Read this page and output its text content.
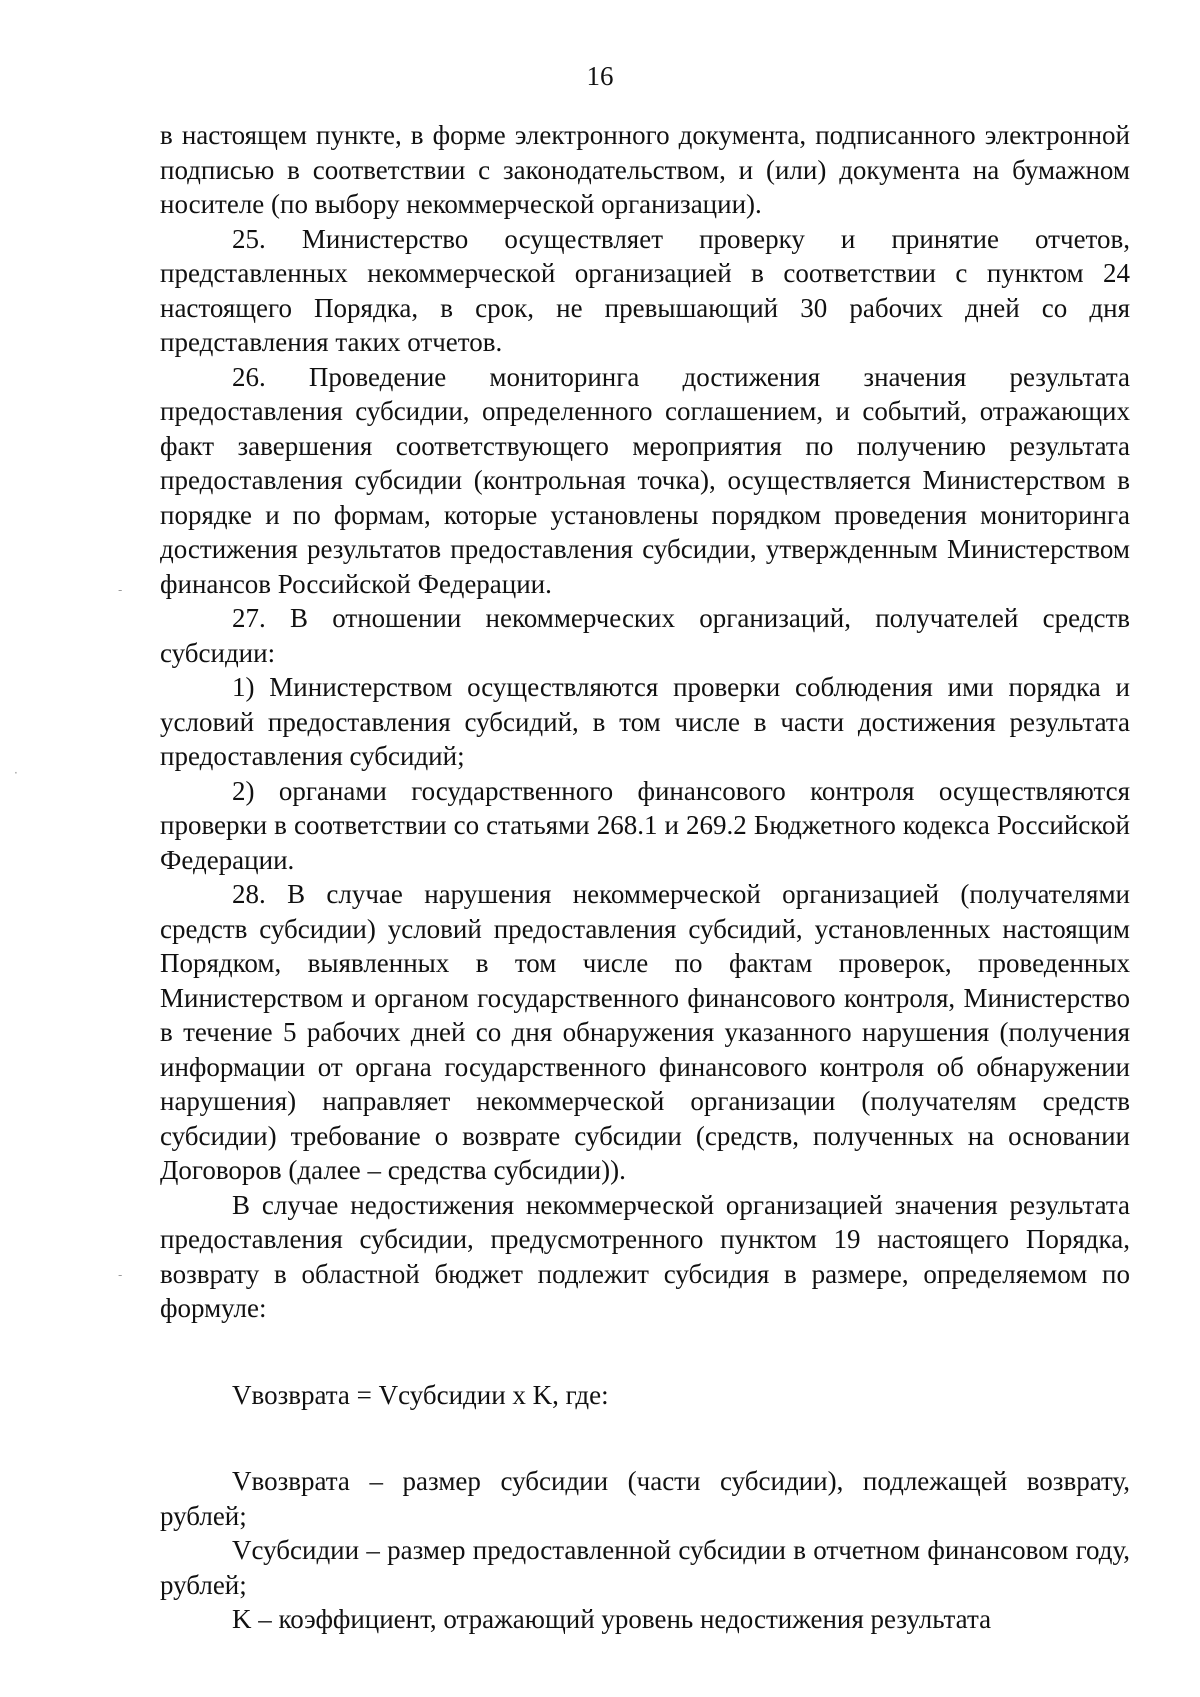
16

в настоящем пункте, в форме электронного документа, подписанного электронной подписью в соответствии с законодательством, и (или) документа на бумажном носителе (по выбору некоммерческой организации).

25. Министерство осуществляет проверку и принятие отчетов, представленных некоммерческой организацией в соответствии с пунктом 24 настоящего Порядка, в срок, не превышающий 30 рабочих дней со дня представления таких отчетов.

26. Проведение мониторинга достижения значения результата предоставления субсидии, определенного соглашением, и событий, отражающих факт завершения соответствующего мероприятия по получению результата предоставления субсидии (контрольная точка), осуществляется Министерством в порядке и по формам, которые установлены порядком проведения мониторинга достижения результатов предоставления субсидии, утвержденным Министерством финансов Российской Федерации.

27. В отношении некоммерческих организаций, получателей средств субсидии:

1) Министерством осуществляются проверки соблюдения ими порядка и условий предоставления субсидий, в том числе в части достижения результата предоставления субсидий;

2) органами государственного финансового контроля осуществляются проверки в соответствии со статьями 268.1 и 269.2 Бюджетного кодекса Российской Федерации.

28. В случае нарушения некоммерческой организацией (получателями средств субсидии) условий предоставления субсидий, установленных настоящим Порядком, выявленных в том числе по фактам проверок, проведенных Министерством и органом государственного финансового контроля, Министерство в течение 5 рабочих дней со дня обнаружения указанного нарушения (получения информации от органа государственного финансового контроля об обнаружении нарушения) направляет некоммерческой организации (получателям средств субсидии) требование о возврате субсидии (средств, полученных на основании Договоров (далее – средства субсидии)).

В случае недостижения некоммерческой организацией значения результата предоставления субсидии, предусмотренного пунктом 19 настоящего Порядка, возврату в областной бюджет подлежит субсидия в размере, определяемом по формуле:

Vвозврата = Vсубсидии x K, где:

Vвозврата – размер субсидии (части субсидии), подлежащей возврату, рублей;

Vсубсидии – размер предоставленной субсидии в отчетном финансовом году, рублей;

K – коэффициент, отражающий уровень недостижения результата

-
·
-
